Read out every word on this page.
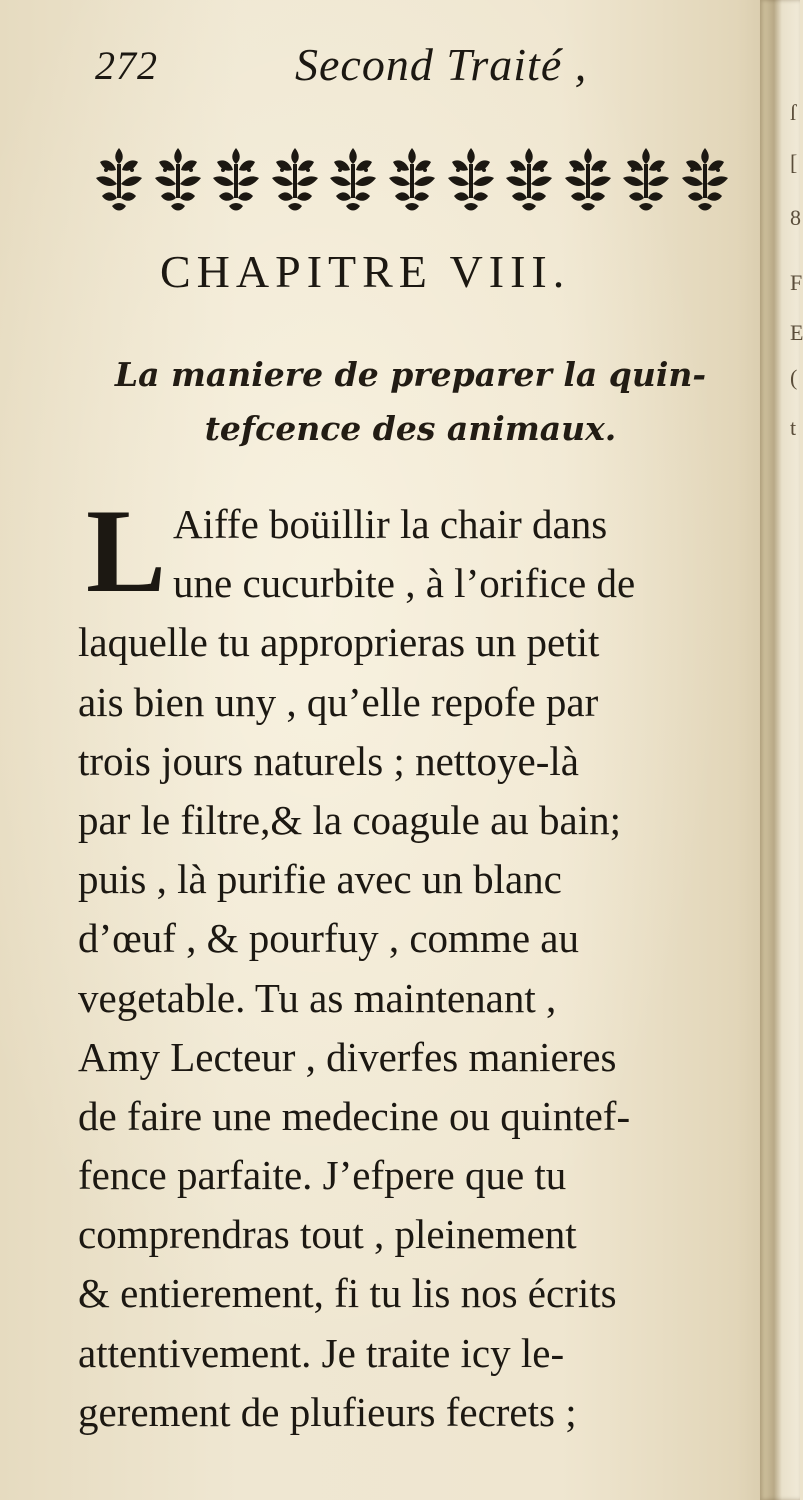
272	Second Traité ,
CHAPITRE VIII.
La maniere de preparer la quin-
tefcence des animaux.
L Aiffe boüillir la chair dans
une cucurbite , à l’orifice de
laquelle tu approprieras un petit
ais bien uny , qu’elle repofe par
trois jours naturels ; nettoye-là
par le filtre,& la coagule au bain;
puis , là purifie avec un blanc
d’œuf , & pourfuy , comme au
vegetable. Tu as maintenant ,
Amy Lecteur , diverfes manieres
de faire une medecine ou quintef-
fence parfaite. J’efpere que tu
comprendras tout , pleinement
& entierement, fi tu lis nos écrits
attentivement. Je traite icy le-
gerement de plufieurs fecrets ;
ſ
[
8
F
E
(
t
